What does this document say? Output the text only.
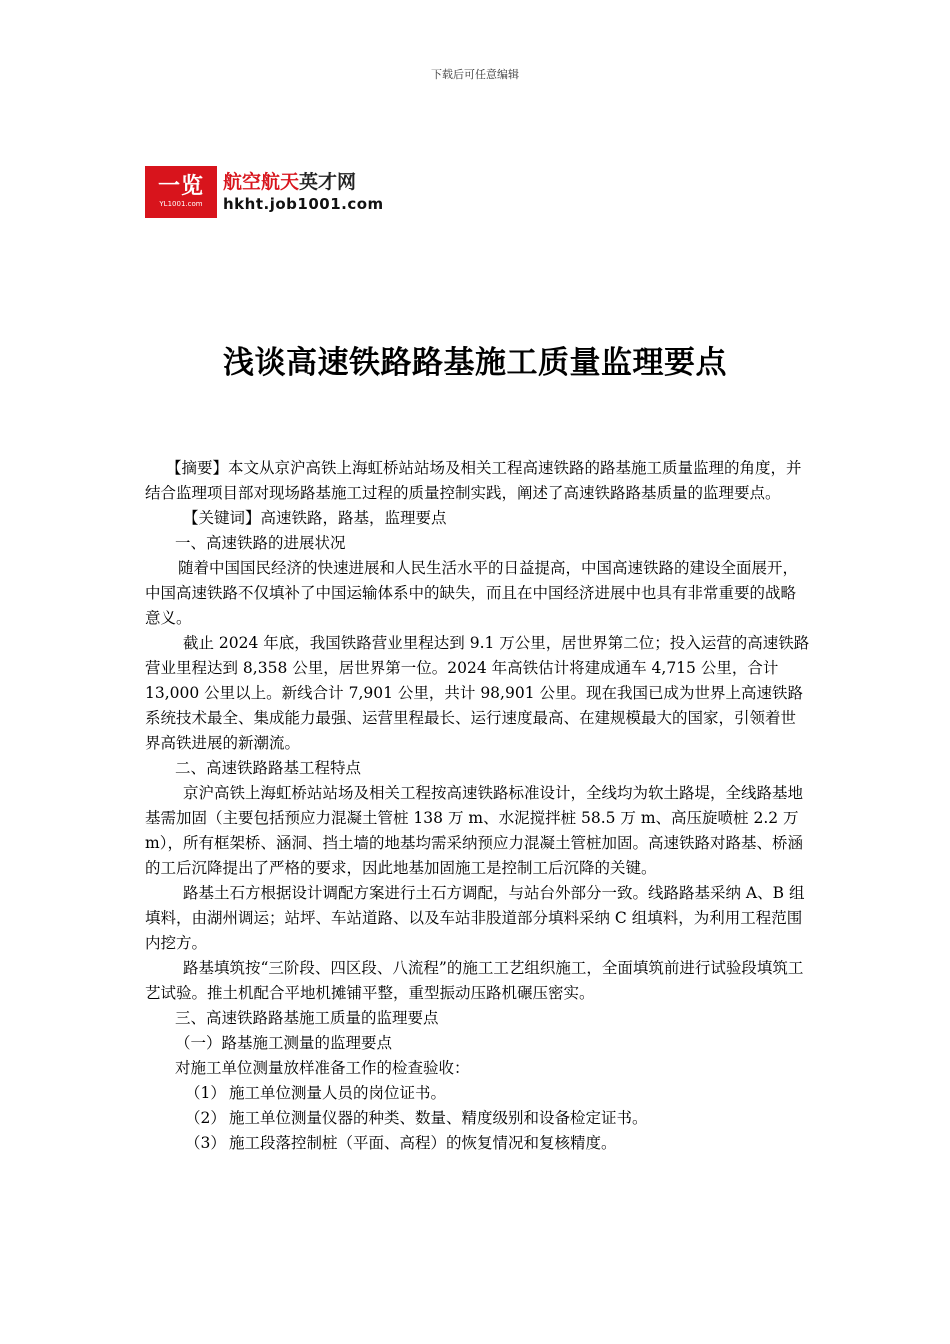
下载后可任意编辑
一览
YL1001.com
航空航天英才网
hkht.job1001.com
浅谈高速铁路路基施工质量监理要点

【摘要】本文从京沪高铁上海虹桥站站场及相关工程高速铁路的路基施工质量监理的角度，并结合监理项目部对现场路基施工过程的质量控制实践，阐述了高速铁路路基质量的监理要点。

【关键词】高速铁路，路基，监理要点

一、高速铁路的进展状况

随着中国国民经济的快速进展和人民生活水平的日益提高，中国高速铁路的建设全面展开，中国高速铁路不仅填补了中国运输体系中的缺失，而且在中国经济进展中也具有非常重要的战略意义。

截止 2024 年底，我国铁路营业里程达到 9.1 万公里，居世界第二位；投入运营的高速铁路营业里程达到 8,358 公里，居世界第一位。2024 年高铁估计将建成通车 4,715 公里，合计 13,000 公里以上。新线合计 7,901 公里，共计 98,901 公里。现在我国已成为世界上高速铁路系统技术最全、集成能力最强、运营里程最长、运行速度最高、在建规模最大的国家，引领着世界高铁进展的新潮流。

二、高速铁路路基工程特点

京沪高铁上海虹桥站站场及相关工程按高速铁路标准设计，全线均为软土路堤，全线路基地基需加固（主要包括预应力混凝土管桩 138 万 m、水泥搅拌桩 58.5 万 m、高压旋喷桩 2.2 万 m），所有框架桥、涵洞、挡土墙的地基均需采纳预应力混凝土管桩加固。高速铁路对路基、桥涵的工后沉降提出了严格的要求，因此地基加固施工是控制工后沉降的关键。

路基土石方根据设计调配方案进行土石方调配，与站台外部分一致。线路路基采纳 A、B 组填料，由湖州调运；站坪、车站道路、以及车站非股道部分填料采纳 C 组填料，为利用工程范围内挖方。

路基填筑按“三阶段、四区段、八流程”的施工工艺组织施工，全面填筑前进行试验段填筑工艺试验。推土机配合平地机摊铺平整，重型振动压路机碾压密实。

三、高速铁路路基施工质量的监理要点

（一）路基施工测量的监理要点

对施工单位测量放样准备工作的检查验收：

（1） 施工单位测量人员的岗位证书。

（2） 施工单位测量仪器的种类、数量、精度级别和设备检定证书。

（3） 施工段落控制桩（平面、高程）的恢复情况和复核精度。
